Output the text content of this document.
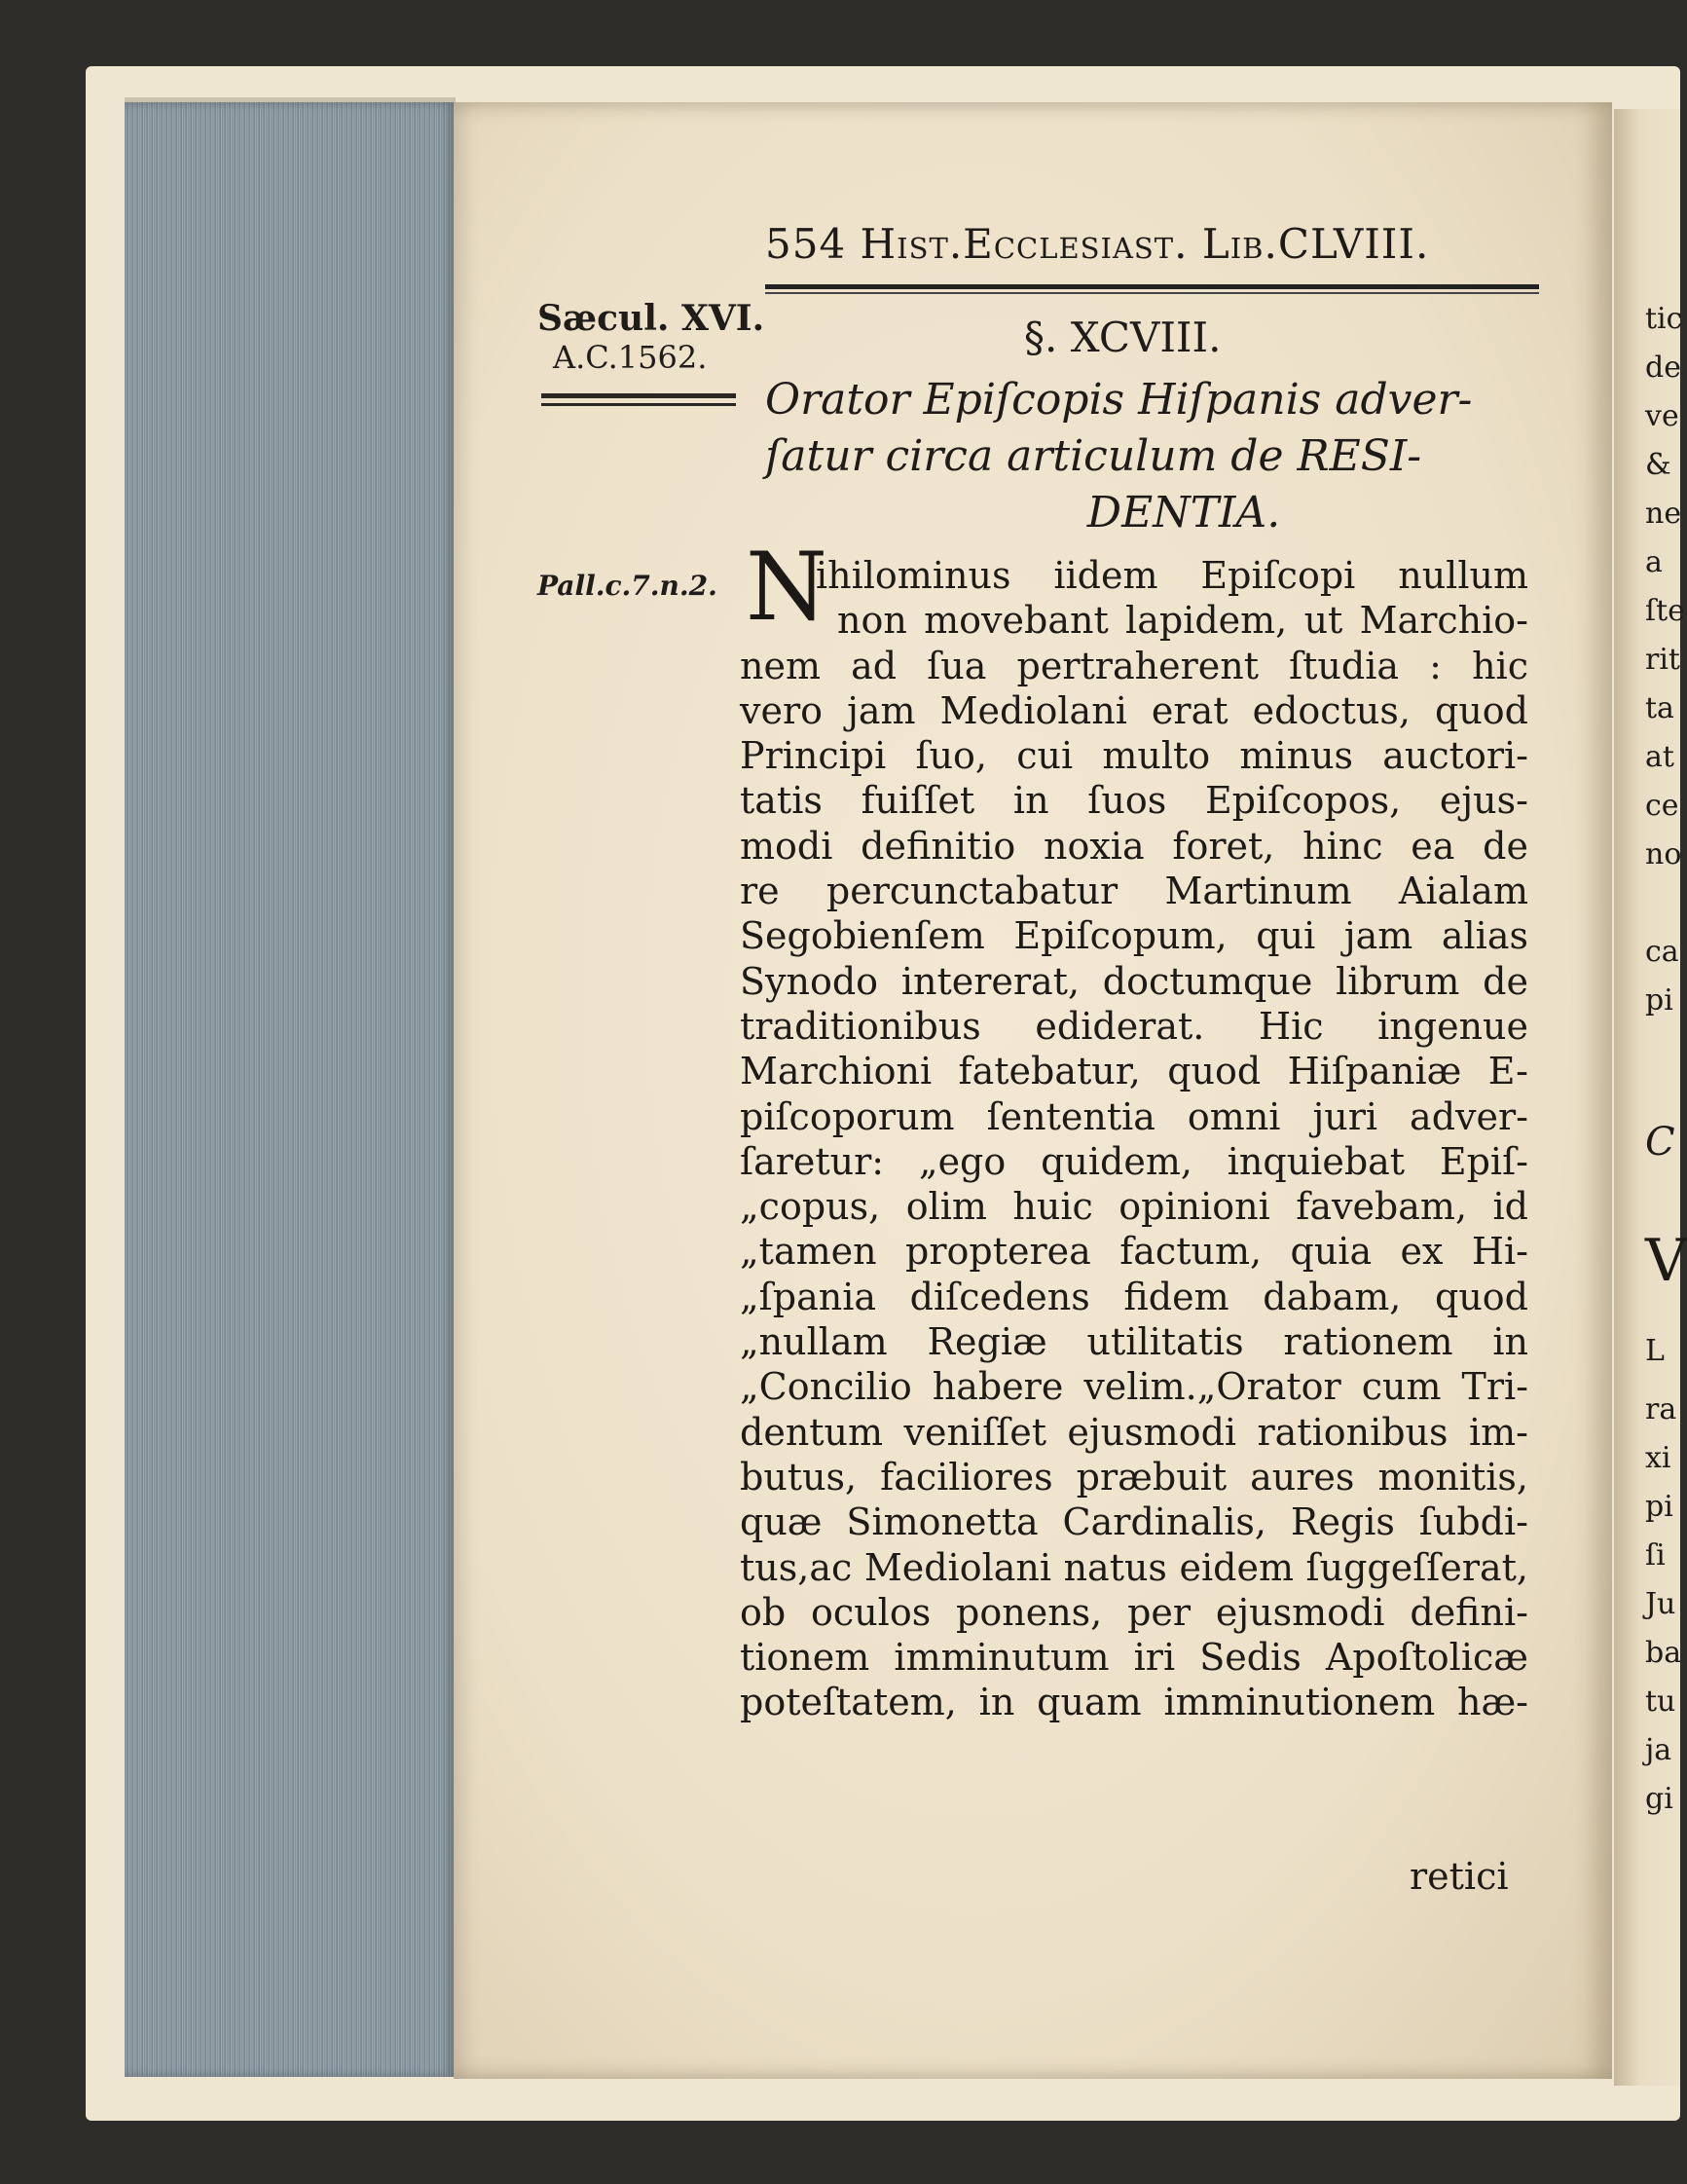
554 Hist.Ecclesiast. Lib.CLVIII.
Sæcul. XVI.
A.C.1562.
Pall.c.7.n.2.
§. XCVIII.
Orator Epiſcopis Hiſpanis adver-
ſatur circa articulum de RESI-
DENTIA.
N
ihilominus iidem Epiſcopi nullum
non movebant lapidem, ut Marchio-
nem ad ſua pertraherent ſtudia : hic
vero jam Mediolani erat edoctus, quod
Principi ſuo, cui multo minus auctori-
tatis fuiſſet in ſuos Epiſcopos, ejus-
modi definitio noxia foret, hinc ea de
re percunctabatur Martinum Aialam
Segobienſem Epiſcopum, qui jam alias
Synodo intererat, doctumque librum de
traditionibus ediderat. Hic ingenue
Marchioni fatebatur, quod Hiſpaniæ E-
piſcoporum ſententia omni juri adver-
ſaretur: „ego quidem, inquiebat Epiſ-
„copus, olim huic opinioni favebam, id
„tamen propterea factum, quia ex Hi-
„ſpania diſcedens fidem dabam, quod
„nullam Regiæ utilitatis rationem in
„Concilio habere velim.„Orator cum Tri-
dentum veniſſet ejusmodi rationibus im-
butus, faciliores præbuit aures monitis,
quæ Simonetta Cardinalis, Regis ſubdi-
tus,ac Mediolani natus eidem ſuggeſſerat,
ob oculos ponens, per ejusmodi defini-
tionem imminutum iri Sedis Apoſtolicæ
poteſtatem, in quam imminutionem hæ-
retici
tic
de
ve
&
ne
a
ſte
rit
ta
at
ce
no
ca
pi
C
V
L
ra
xi
pi
ſi
Ju
ba
tu
ja
gi
